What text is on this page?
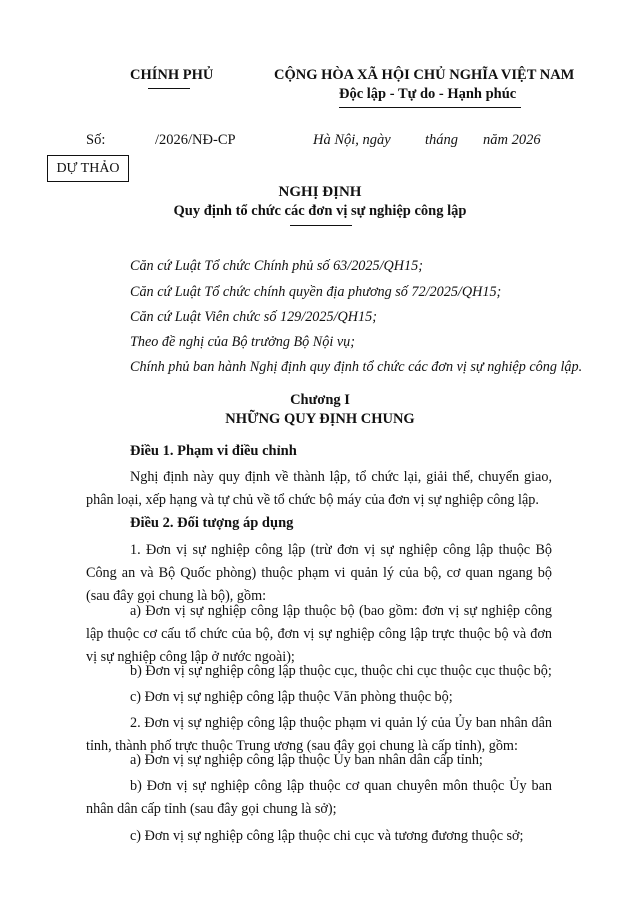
CHÍNH PHỦ	CỘNG HÒA XÃ HỘI CHỦ NGHĨA VIỆT NAM
Độc lập - Tự do - Hạnh phúc
Số:	/2026/NĐ-CP	Hà Nội, ngày tháng năm 2026
DỰ THẢO
NGHỊ ĐỊNH
Quy định tổ chức các đơn vị sự nghiệp công lập
Căn cứ Luật Tổ chức Chính phủ số 63/2025/QH15;
Căn cứ Luật Tổ chức chính quyền địa phương số 72/2025/QH15;
Căn cứ Luật Viên chức số 129/2025/QH15;
Theo đề nghị của Bộ trưởng Bộ Nội vụ;
Chính phủ ban hành Nghị định quy định tổ chức các đơn vị sự nghiệp công lập.
Chương I
NHỮNG QUY ĐỊNH CHUNG
Điều 1. Phạm vi điều chỉnh
Nghị định này quy định về thành lập, tổ chức lại, giải thể, chuyển giao, phân loại, xếp hạng và tự chủ về tổ chức bộ máy của đơn vị sự nghiệp công lập.
Điều 2. Đối tượng áp dụng
1. Đơn vị sự nghiệp công lập (trừ đơn vị sự nghiệp công lập thuộc Bộ Công an và Bộ Quốc phòng) thuộc phạm vi quản lý của bộ, cơ quan ngang bộ (sau đây gọi chung là bộ), gồm:
a) Đơn vị sự nghiệp công lập thuộc bộ (bao gồm: đơn vị sự nghiệp công lập thuộc cơ cấu tổ chức của bộ, đơn vị sự nghiệp công lập trực thuộc bộ và đơn vị sự nghiệp công lập ở nước ngoài);
b) Đơn vị sự nghiệp công lập thuộc cục, thuộc chi cục thuộc cục thuộc bộ;
c) Đơn vị sự nghiệp công lập thuộc Văn phòng thuộc bộ;
2. Đơn vị sự nghiệp công lập thuộc phạm vi quản lý của Ủy ban nhân dân tỉnh, thành phố trực thuộc Trung ương (sau đây gọi chung là cấp tỉnh), gồm:
a) Đơn vị sự nghiệp công lập thuộc Ủy ban nhân dân cấp tỉnh;
b) Đơn vị sự nghiệp công lập thuộc cơ quan chuyên môn thuộc Ủy ban nhân dân cấp tỉnh (sau đây gọi chung là sở);
c) Đơn vị sự nghiệp công lập thuộc chi cục và tương đương thuộc sở;
